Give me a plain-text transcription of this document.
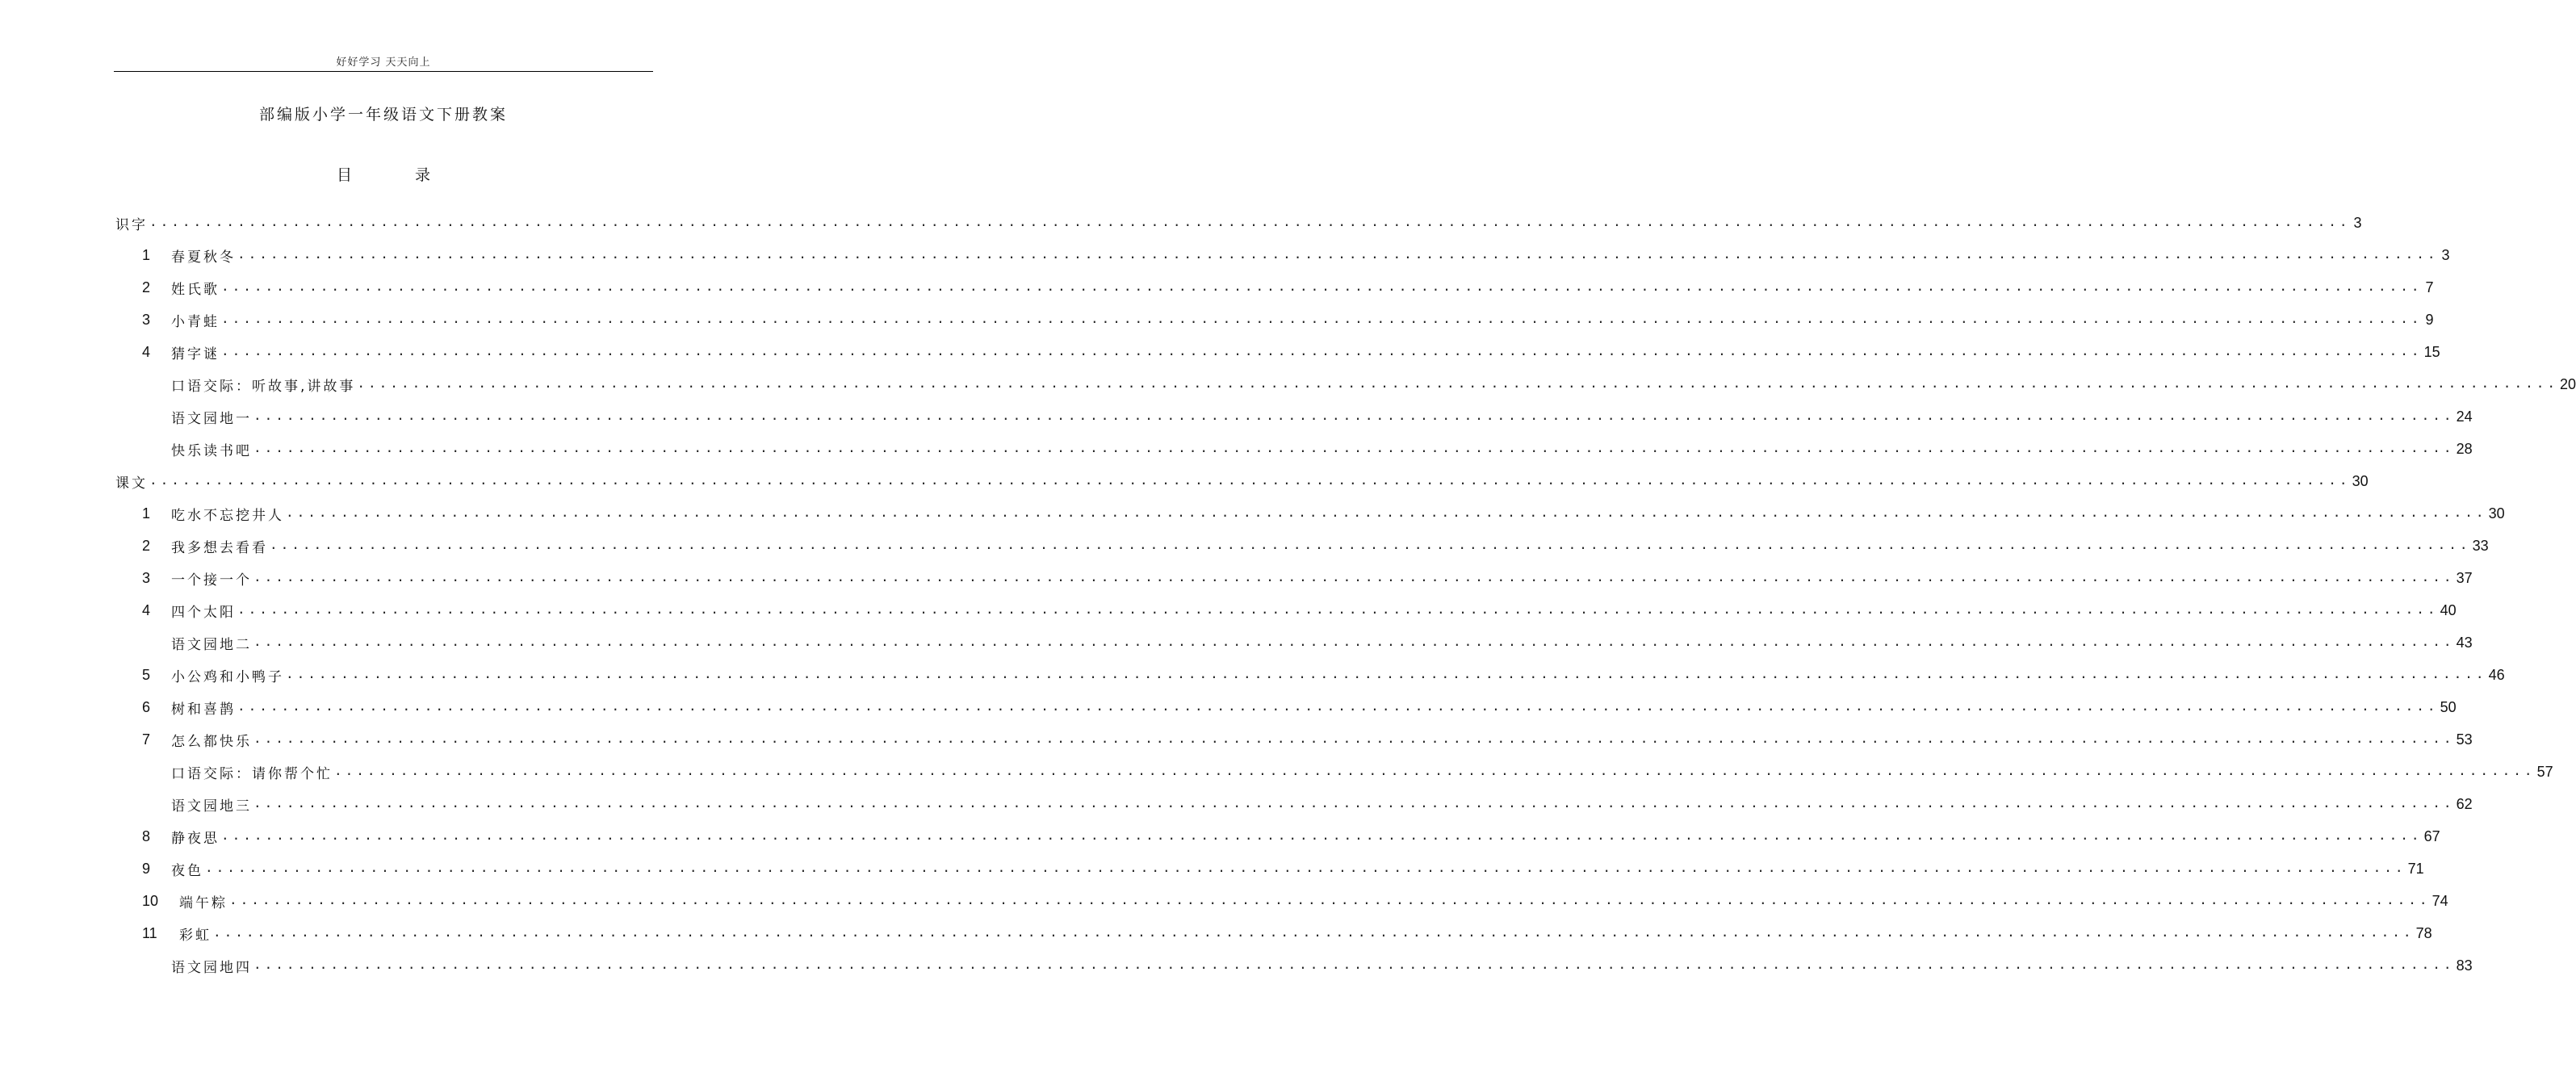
好好学习 天天向上
部编版小学一年级语文下册教案
目 录
识字 ........................................................................................................................................................................................................ 3
1	春夏秋冬 ........................................................................................................................................................................................................ 3
2	姓氏歌 ........................................................................................................................................................................................................ 7
3	小青蛙 ........................................................................................................................................................................................................ 9
4	猜字谜 ........................................................................................................................................................................................................ 15
口语交际：听故事,讲故事 ........................................................................................................................................................................................................ 20
语文园地一 ........................................................................................................................................................................................................ 24
快乐读书吧 ........................................................................................................................................................................................................ 28
课文 ........................................................................................................................................................................................................ 30
1	吃水不忘挖井人 ........................................................................................................................................................................................................ 30
2	我多想去看看 ........................................................................................................................................................................................................ 33
3	一个接一个 ........................................................................................................................................................................................................ 37
4	四个太阳 ........................................................................................................................................................................................................ 40
语文园地二 ........................................................................................................................................................................................................ 43
5	小公鸡和小鸭子 ........................................................................................................................................................................................................ 46
6	树和喜鹊 ........................................................................................................................................................................................................ 50
7	怎么都快乐 ........................................................................................................................................................................................................ 53
口语交际：请你帮个忙 ........................................................................................................................................................................................................ 57
语文园地三 ........................................................................................................................................................................................................ 62
8	静夜思 ........................................................................................................................................................................................................ 67
9	夜色 ........................................................................................................................................................................................................ 71
10	端午粽 ........................................................................................................................................................................................................ 74
11	彩虹 ........................................................................................................................................................................................................ 78
语文园地四 ........................................................................................................................................................................................................ 83
